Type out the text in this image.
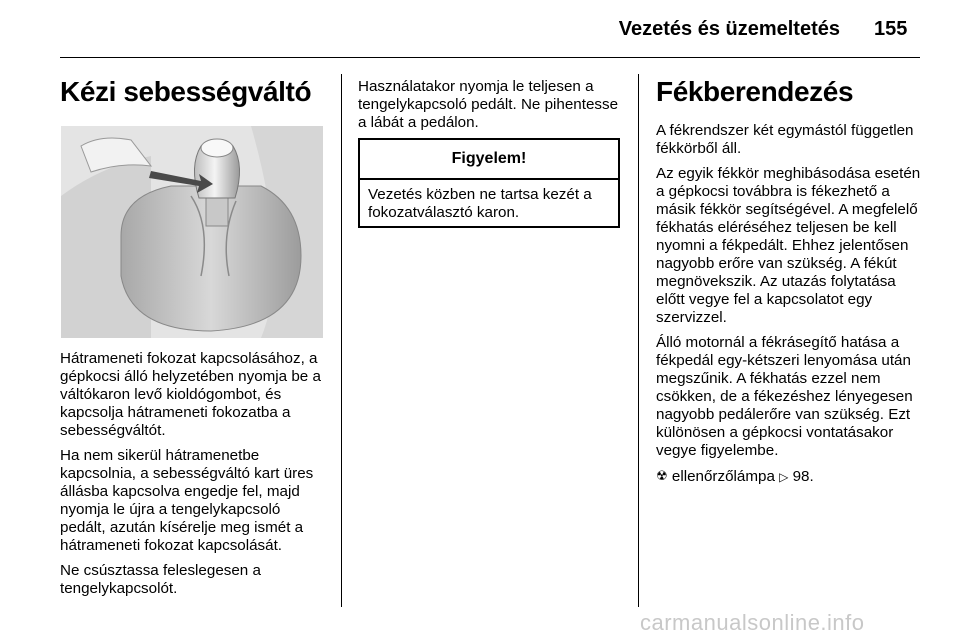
Vezetés és üzemeltetés 155
Kézi sebességváltó

Hátrameneti fokozat kapcsolásához, a gépkocsi álló helyzetében nyomja be a váltókaron levő kioldógombot, és kapcsolja hátrameneti fokozatba a sebességváltót.

Ha nem sikerül hátramenetbe kapcsolnia, a sebességváltó kart üres állásba kapcsolva engedje fel, majd nyomja le újra a tengelykapcsoló pedált, azután kísérelje meg ismét a hátrameneti fokozat kapcsolását.

Ne csúsztassa feleslegesen a tengelykapcsolót.

Használatakor nyomja le teljesen a tengelykapcsoló pedált. Ne pihentesse a lábát a pedálon.

Figyelem!
Vezetés közben ne tartsa kezét a fokozatválasztó karon.
Fékberendezés

A fékrendszer két egymástól független fékkörből áll.

Az egyik fékkör meghibásodása esetén a gépkocsi továbbra is fékezhető a másik fékkör segítségével. A megfelelő fékhatás eléréséhez teljesen be kell nyomni a fékpedált. Ehhez jelentősen nagyobb erőre van szükség. A fékút megnövekszik. Az utazás folytatása előtt vegye fel a kapcsolatot egy szervizzel.

Álló motornál a fékrásegítő hatása a fékpedál egy-kétszeri lenyomása után megszűnik. A fékhatás ezzel nem csökken, de a fékezéshez lényegesen nagyobb pedálerőre van szükség. Ezt különösen a gépkocsi vontatásakor vegye figyelembe.

☢ ellenőrzőlámpa ▷ 98.

carmanualsonline.info
